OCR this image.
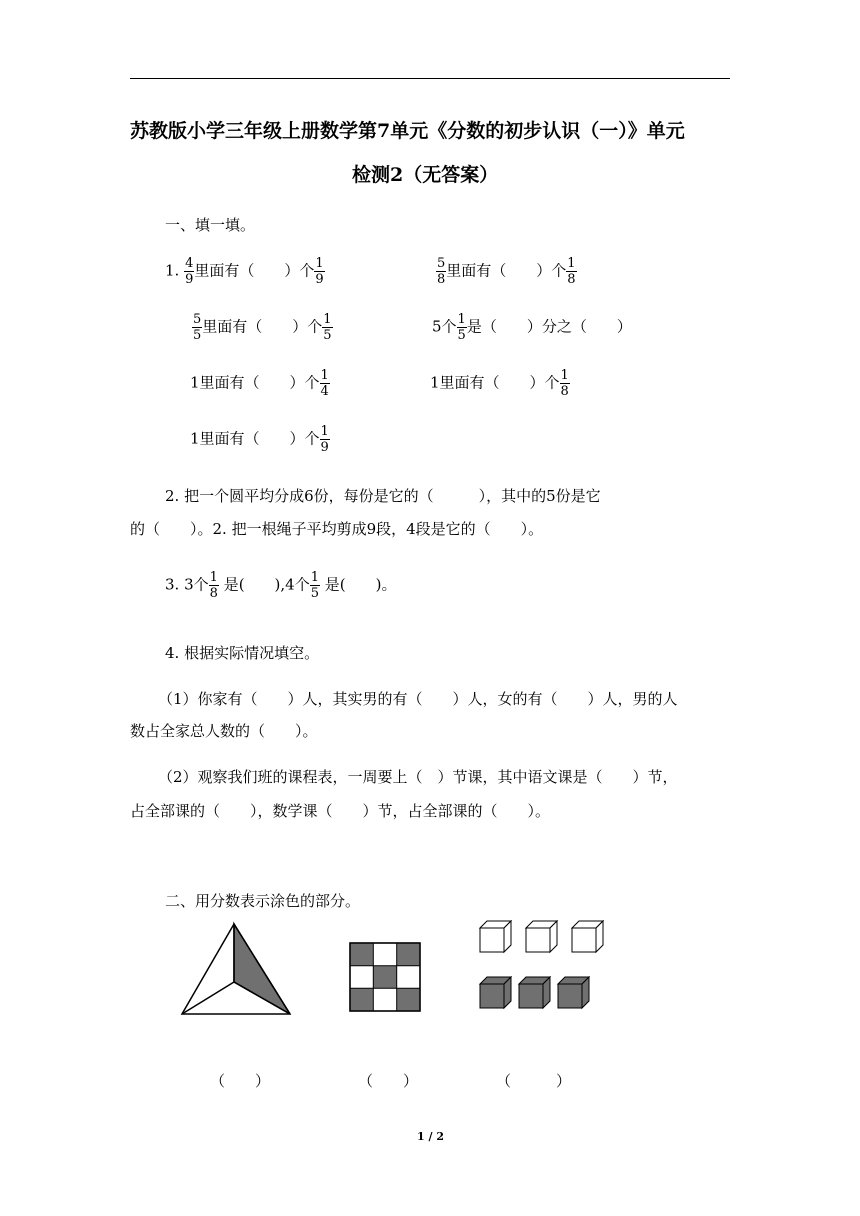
苏教版小学三年级上册数学第7单元《分数的初步认识（一）》单元
检测2（无答案）
一、填一填。
1. $\frac{4}{9}$ 里面有（　　）个 $\frac{1}{9}$	$\frac{5}{8}$ 里面有（　　）个 $\frac{1}{8}$
$\frac{5}{5}$ 里面有（　　）个 $\frac{1}{5}$	5个 $\frac{1}{5}$ 是（　　）分之（　　）
1里面有（　　）个 $\frac{1}{4}$	1里面有（　　）个 $\frac{1}{8}$
1里面有（　　）个 $\frac{1}{9}$
2. 把一个圆平均分成6份，每份是它的（　　　），其中的5份是它
的（　　）。2. 把一根绳子平均剪成9段，4段是它的（　　）。
3. 3个 $\frac{1}{8}$ 是(　　),4个 $\frac{1}{5}$ 是(　　)。
4. 根据实际情况填空。
（1）你家有（　　）人，其实男的有（　　）人，女的有（　　）人，男的人
数占全家总人数的（　　）。
（2）观察我们班的课程表，一周要上（　）节课，其中语文课是（　　）节，
占全部课的（　　），数学课（　　）节，占全部课的（　　）。
二、用分数表示涂色的部分。
（　　）	（　　）	（　　　）
1 / 2
